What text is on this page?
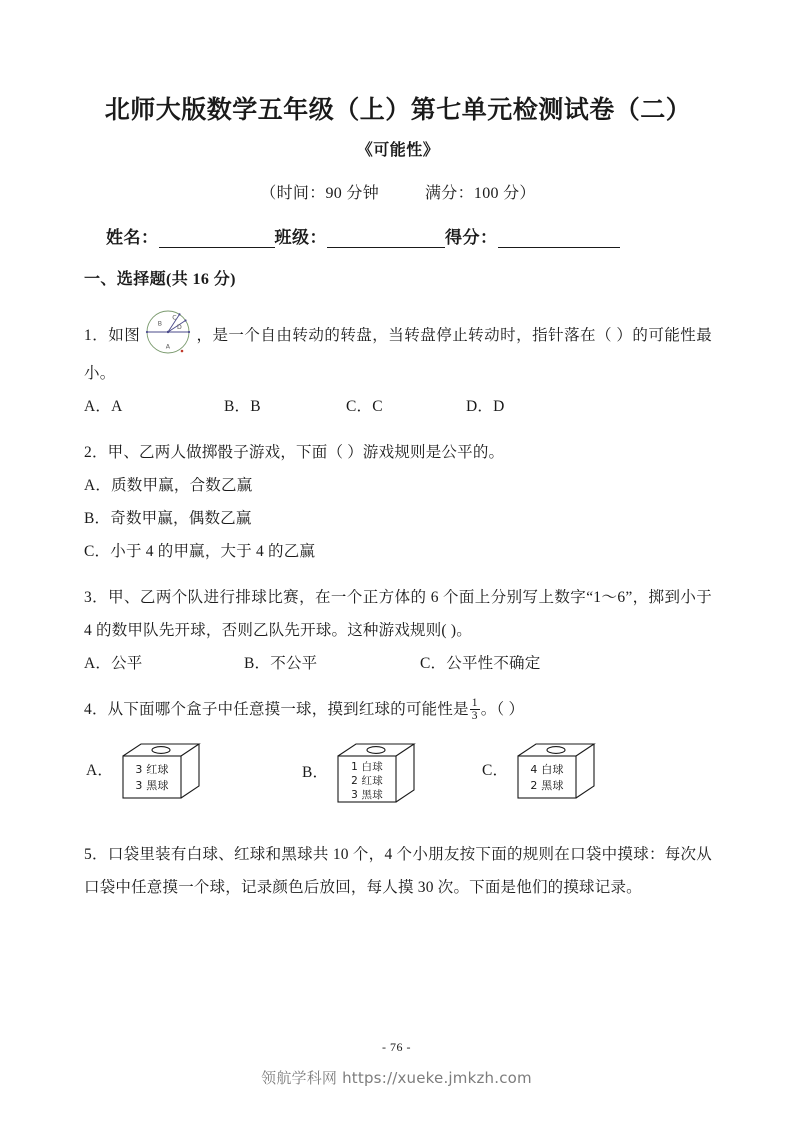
北师大版数学五年级（上）第七单元检测试卷（二）
《可能性》
（时间：90 分钟	满分：100 分）
姓名：	班级：	得分：
一、选择题(共 16 分)
1．如图
A
B
C
D ，是一个自由转动的转盘，当转盘停止转动时，指针落在（ ）的可能性最小。
A．A	B．B	C．C	D．D
2．甲、乙两人做掷骰子游戏，下面（ ）游戏规则是公平的。
A．质数甲赢，合数乙赢
B．奇数甲赢，偶数乙赢
C．小于 4 的甲赢，大于 4 的乙赢
3．甲、乙两个队进行排球比赛，在一个正方体的 6 个面上分别写上数字“1～6”，掷到小于 4 的数甲队先开球，否则乙队先开球。这种游戏规则( )。
A．公平	B．不公平	C．公平性不确定
4．从下面哪个盒子中任意摸一球，摸到红球的可能性是 $\frac{1}{3}$ 。（ ）
A． 3 红球
3 黑球
B． 1 白球
2 红球
3 黑球
C． 4 白球
2 黑球
5．口袋里装有白球、红球和黑球共 10 个，4 个小朋友按下面的规则在口袋中摸球：每次从口袋中任意摸一个球，记录颜色后放回，每人摸 30 次。下面是他们的摸球记录。
- 76 -
领航学科网 https://xueke.jmkzh.com
